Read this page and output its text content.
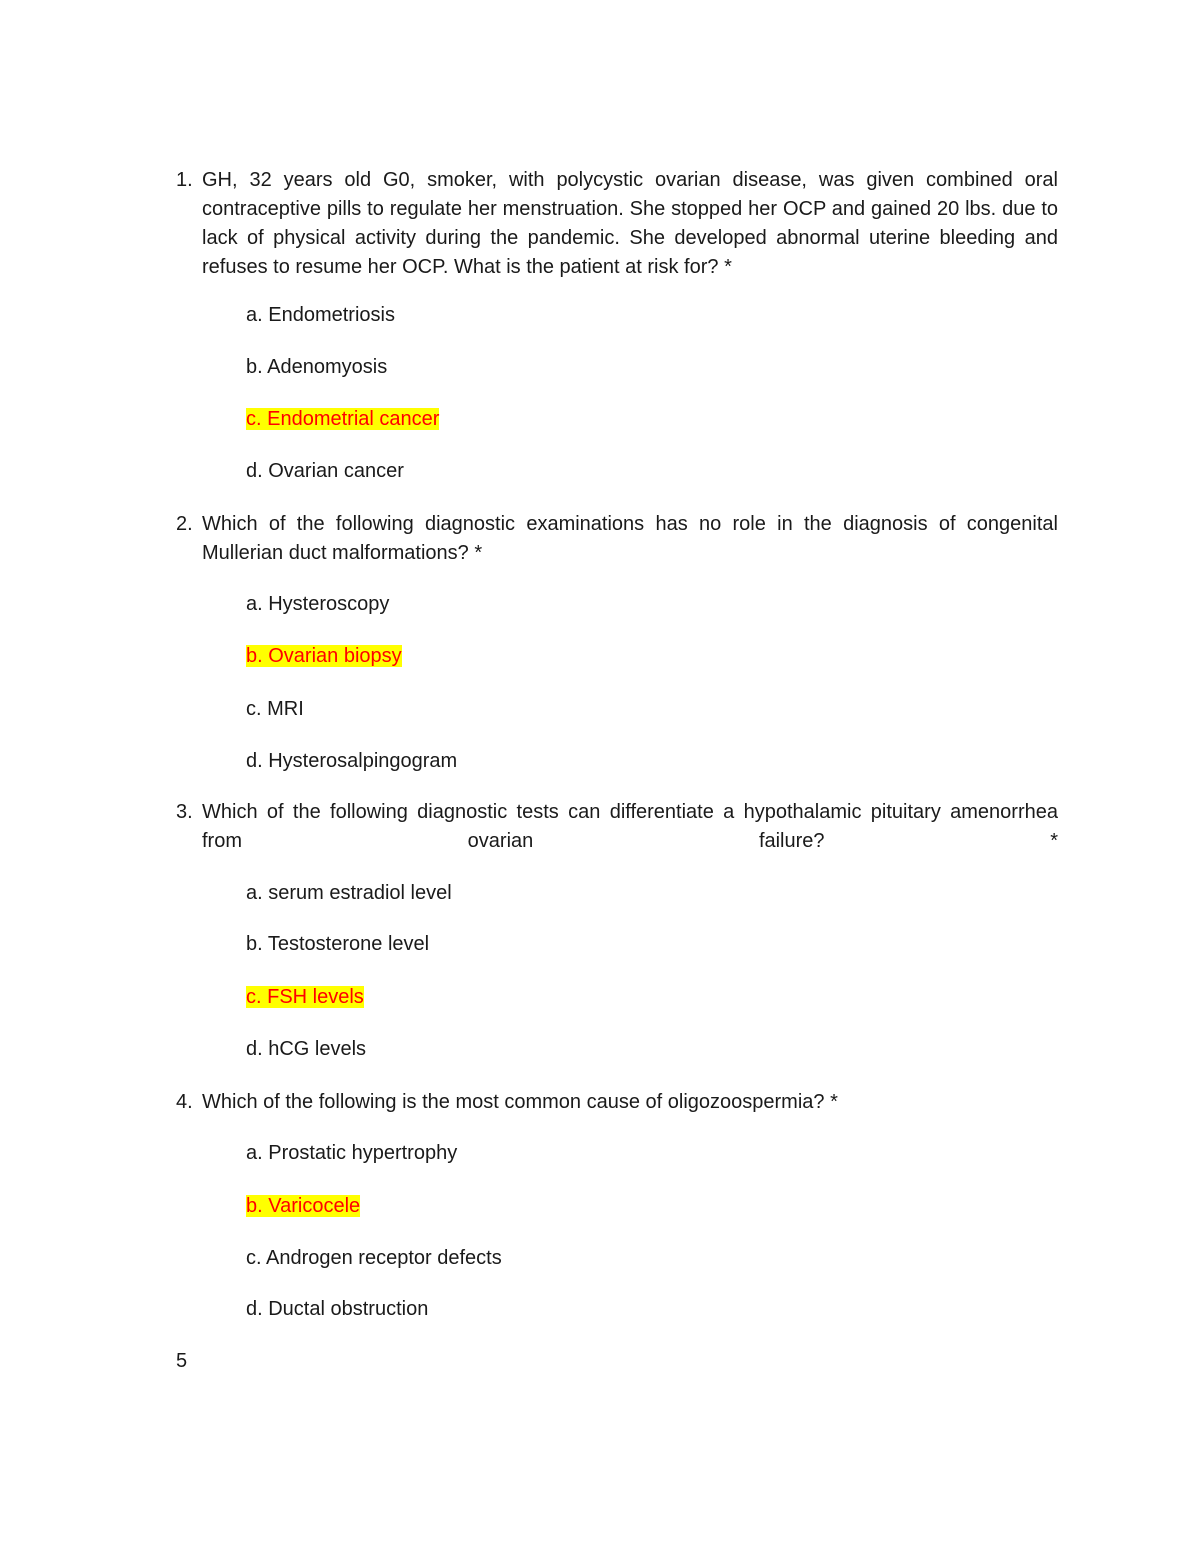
1. GH, 32 years old G0, smoker, with polycystic ovarian disease, was given combined oral contraceptive pills to regulate her menstruation. She stopped her OCP and gained 20 lbs. due to lack of physical activity during the pandemic. She developed abnormal uterine bleeding and refuses to resume her OCP. What is the patient at risk for? *
a. Endometriosis
b. Adenomyosis
c. Endometrial cancer
d. Ovarian cancer
2. Which of the following diagnostic examinations has no role in the diagnosis of congenital Mullerian duct malformations? *
a. Hysteroscopy
b. Ovarian biopsy
c. MRI
d. Hysterosalpingogram
3. Which of the following diagnostic tests can differentiate a hypothalamic pituitary amenorrhea from ovarian failure? *
a. serum estradiol level
b. Testosterone level
c. FSH levels
d. hCG levels
4. Which of the following is the most common cause of oligozoospermia? *
a. Prostatic hypertrophy
b. Varicocele
c. Androgen receptor defects
d. Ductal obstruction
5
